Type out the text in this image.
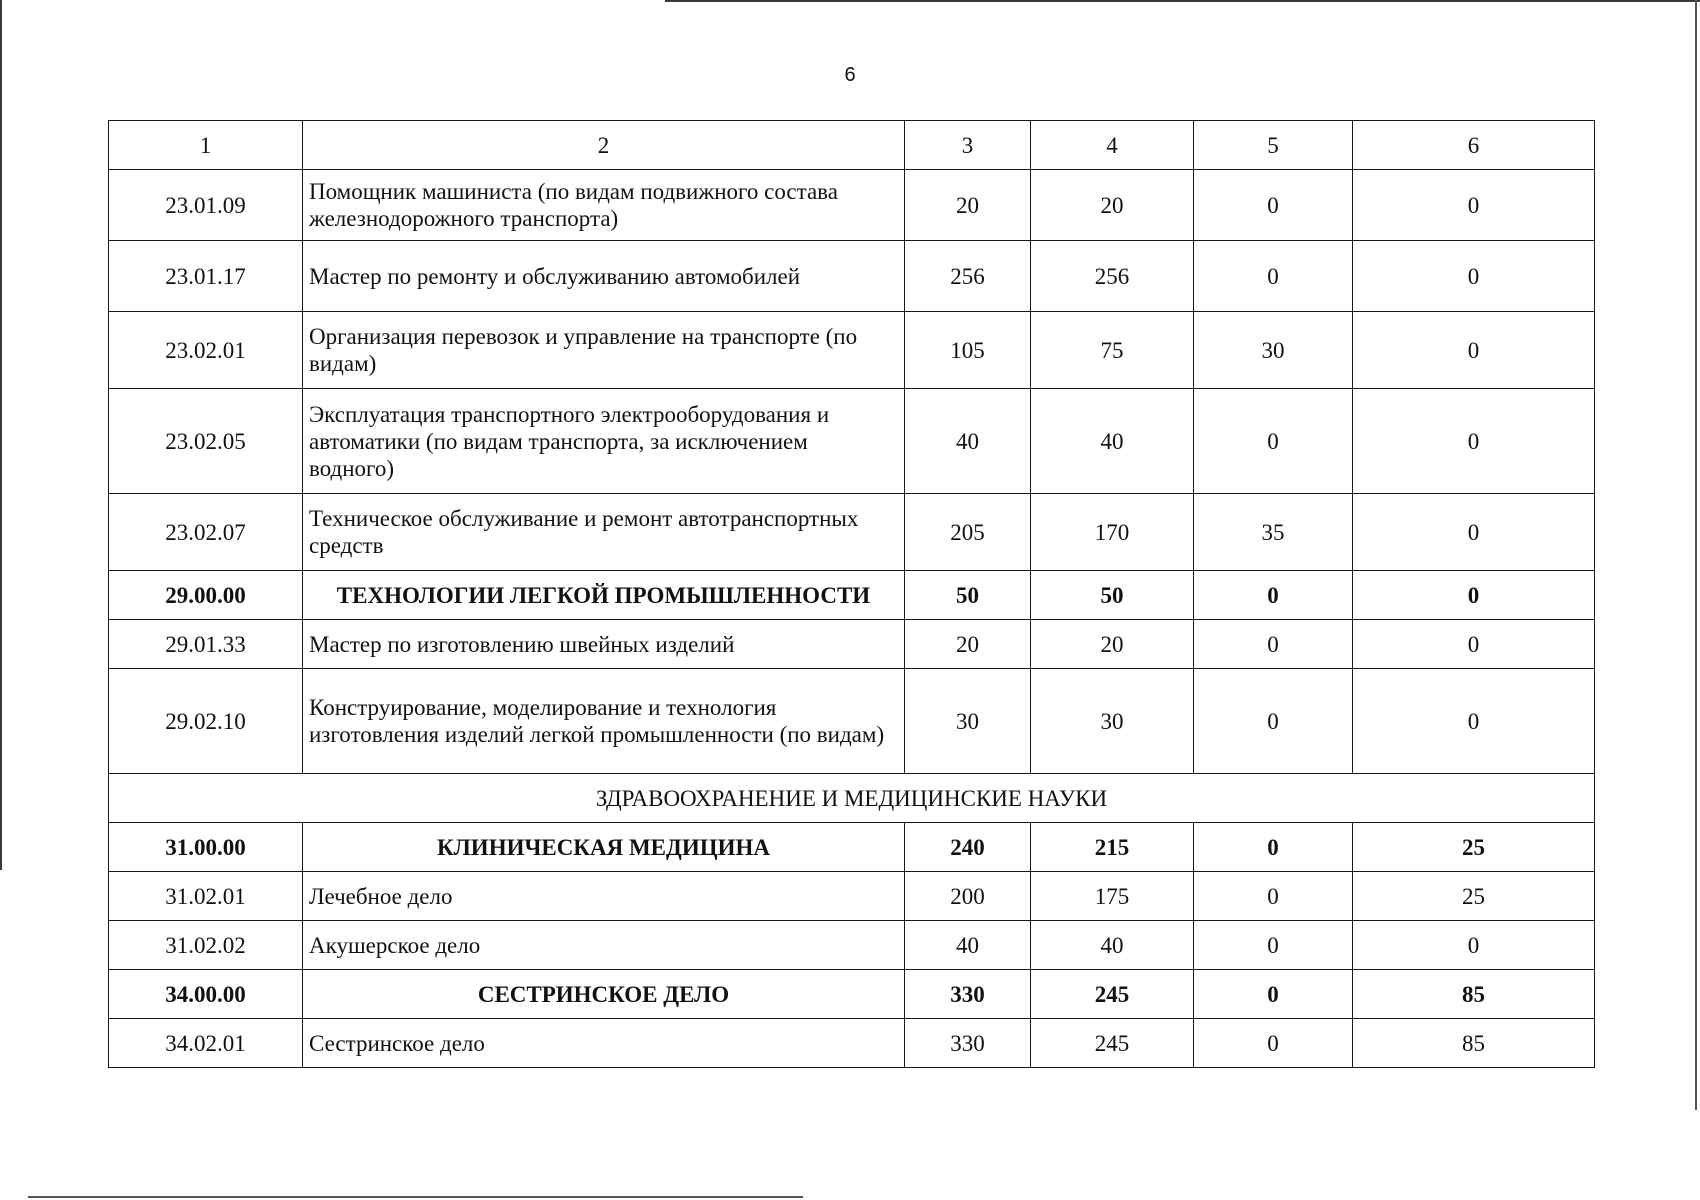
6
1	2	3	4	5	6
23.01.09	Помощник машиниста (по видам подвижного состава железнодорожного транспорта)	20	20	0	0
23.01.17	Мастер по ремонту и обслуживанию автомобилей	256	256	0	0
23.02.01	Организация перевозок и управление на транспорте (по видам)	105	75	30	0
23.02.05	Эксплуатация транспортного электрооборудования и автоматики (по видам транспорта, за исключением водного)	40	40	0	0
23.02.07	Техническое обслуживание и ремонт автотранспортных средств	205	170	35	0
29.00.00	ТЕХНОЛОГИИ ЛЕГКОЙ ПРОМЫШЛЕННОСТИ	50	50	0	0
29.01.33	Мастер по изготовлению швейных изделий	20	20	0	0
29.02.10	Конструирование, моделирование и технология изготовления изделий легкой промышленности (по видам)	30	30	0	0
ЗДРАВООХРАНЕНИЕ И МЕДИЦИНСКИЕ НАУКИ					
31.00.00	КЛИНИЧЕСКАЯ МЕДИЦИНА	240	215	0	25
31.02.01	Лечебное дело	200	175	0	25
31.02.02	Акушерское дело	40	40	0	0
34.00.00	СЕСТРИНСКОЕ ДЕЛО	330	245	0	85
34.02.01	Сестринское дело	330	245	0	85
